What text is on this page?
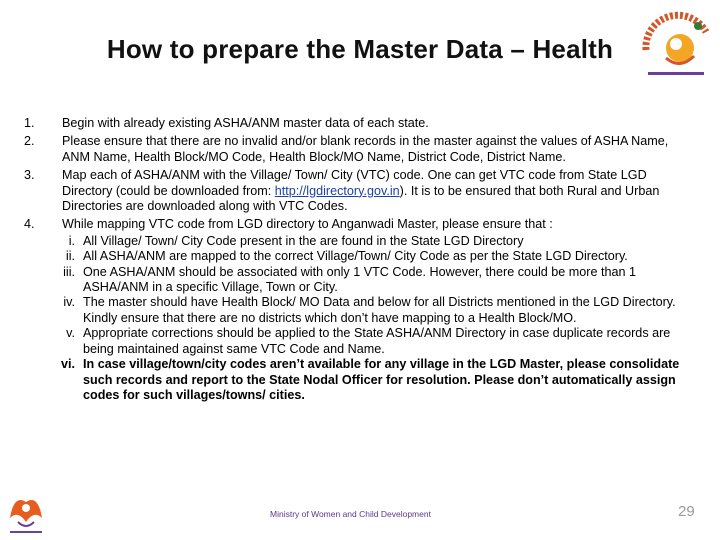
How to prepare the Master Data – Health
1.	Begin with already existing ASHA/ANM master data of each state.
2.	Please ensure that there are no invalid and/or blank records in the master against the values of ASHA Name, ANM Name, Health Block/MO Code, Health Block/MO Name, District Code, District Name.
3.	Map each of ASHA/ANM with the Village/ Town/ City (VTC) code. One can get VTC code from State LGD Directory (could be downloaded from: http://lgdirectory.gov.in). It is to be ensured that both Rural and Urban Directories are downloaded along with VTC Codes.
4.	While mapping VTC code from LGD directory to Anganwadi Master, please ensure that :
i. All Village/ Town/ City Code present in the are found in the State LGD Directory
ii. All ASHA/ANM are mapped to the correct Village/Town/ City Code as per the State LGD Directory.
iii. One ASHA/ANM should be associated with only 1 VTC Code. However, there could be more than 1 ASHA/ANM in a specific Village, Town or City.
iv. The master should have Health Block/ MO Data and below for all Districts mentioned in the LGD Directory. Kindly ensure that there are no districts which don’t have mapping to a Health Block/MO.
v. Appropriate corrections should be applied to the State ASHA/ANM Directory in case duplicate records are being maintained against same VTC Code and Name.
vi. In case village/town/city codes aren’t available for any village in the LGD Master, please consolidate such records and report to the State Nodal Officer for resolution. Please don’t automatically assign codes for such villages/towns/ cities.
Ministry of Women and Child Development	29
